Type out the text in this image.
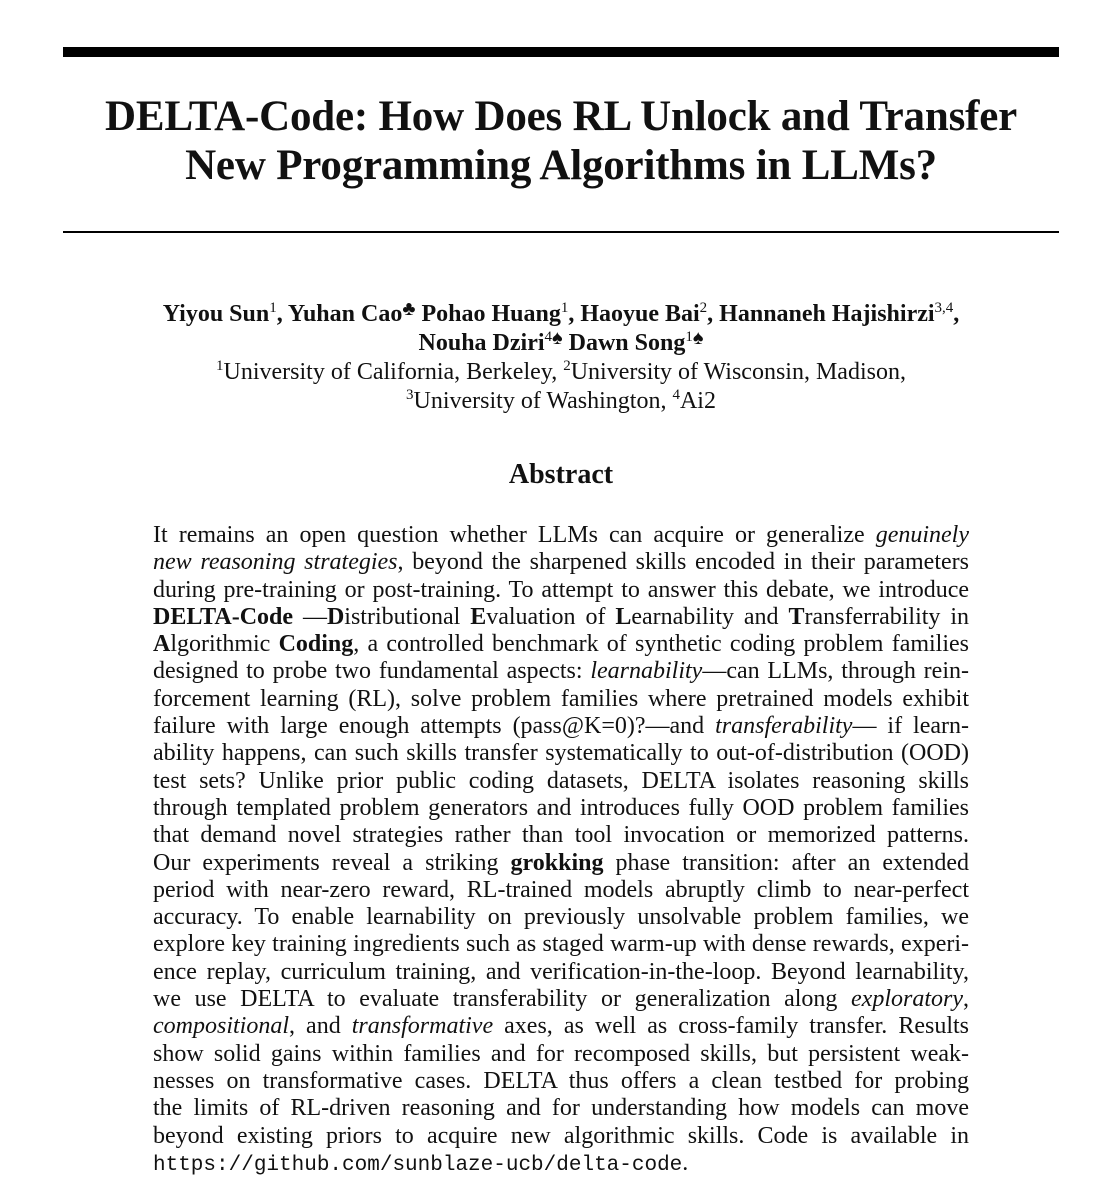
DELTA-Code: How Does RL Unlock and Transfer
New Programming Algorithms in LLMs?
Yiyou Sun$^1$, Yuhan Cao♣ Pohao Huang$^1$, Haoyue Bai$^2$, Hannaneh Hajishirzi$^{3,4}$,
Nouha Dziri$^{4♠}$ Dawn Song$^{1♠}$
$^1$University of California, Berkeley, $^2$University of Wisconsin, Madison,
$^3$University of Washington, $^4$Ai2
Abstract
It remains an open question whether LLMs can acquire or generalize genuinely
new reasoning strategies, beyond the sharpened skills encoded in their parameters
during pre-training or post-training. To attempt to answer this debate, we introduce
DELTA-Code —Distributional Evaluation of Learnability and Transferrability in
Algorithmic Coding, a controlled benchmark of synthetic coding problem families
designed to probe two fundamental aspects: learnability—can LLMs, through rein-
forcement learning (RL), solve problem families where pretrained models exhibit
failure with large enough attempts (pass@K=0)?—and transferability— if learn-
ability happens, can such skills transfer systematically to out-of-distribution (OOD)
test sets? Unlike prior public coding datasets, DELTA isolates reasoning skills
through templated problem generators and introduces fully OOD problem families
that demand novel strategies rather than tool invocation or memorized patterns.
Our experiments reveal a striking grokking phase transition: after an extended
period with near-zero reward, RL-trained models abruptly climb to near-perfect
accuracy. To enable learnability on previously unsolvable problem families, we
explore key training ingredients such as staged warm-up with dense rewards, experi-
ence replay, curriculum training, and verification-in-the-loop. Beyond learnability,
we use DELTA to evaluate transferability or generalization along exploratory,
compositional, and transformative axes, as well as cross-family transfer. Results
show solid gains within families and for recomposed skills, but persistent weak-
nesses on transformative cases. DELTA thus offers a clean testbed for probing
the limits of RL-driven reasoning and for understanding how models can move
beyond existing priors to acquire new algorithmic skills. Code is available in
https://github.com/sunblaze-ucb/delta-code.
